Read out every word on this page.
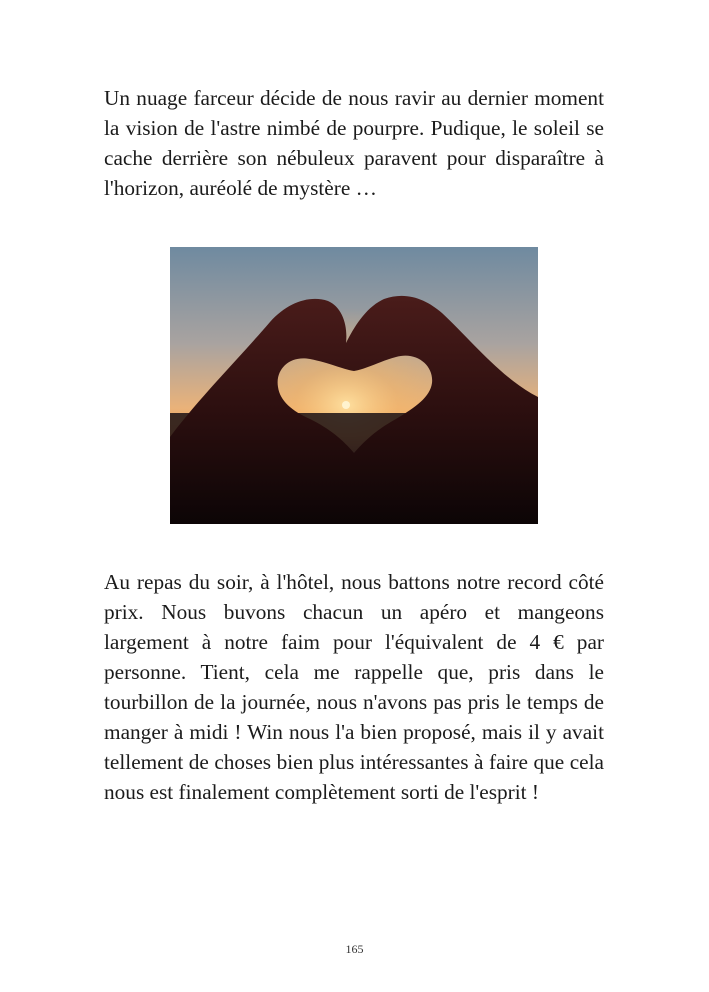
Un nuage farceur décide de nous ravir au dernier moment la vision de l'astre nimbé de pourpre. Pudique, le soleil se cache derrière son nébuleux paravent pour disparaître à l'horizon, auréolé de mystère …

Au repas du soir, à l'hôtel, nous battons notre record côté prix. Nous buvons chacun un apéro et mangeons largement à notre faim pour l'équivalent de 4 € par personne. Tient, cela me rappelle que, pris dans le tourbillon de la journée, nous n'avons pas pris le temps de manger à midi ! Win nous l'a bien proposé, mais il y avait tellement de choses bien plus intéressantes à faire que cela nous est finalement complètement sorti de l'esprit !

165
